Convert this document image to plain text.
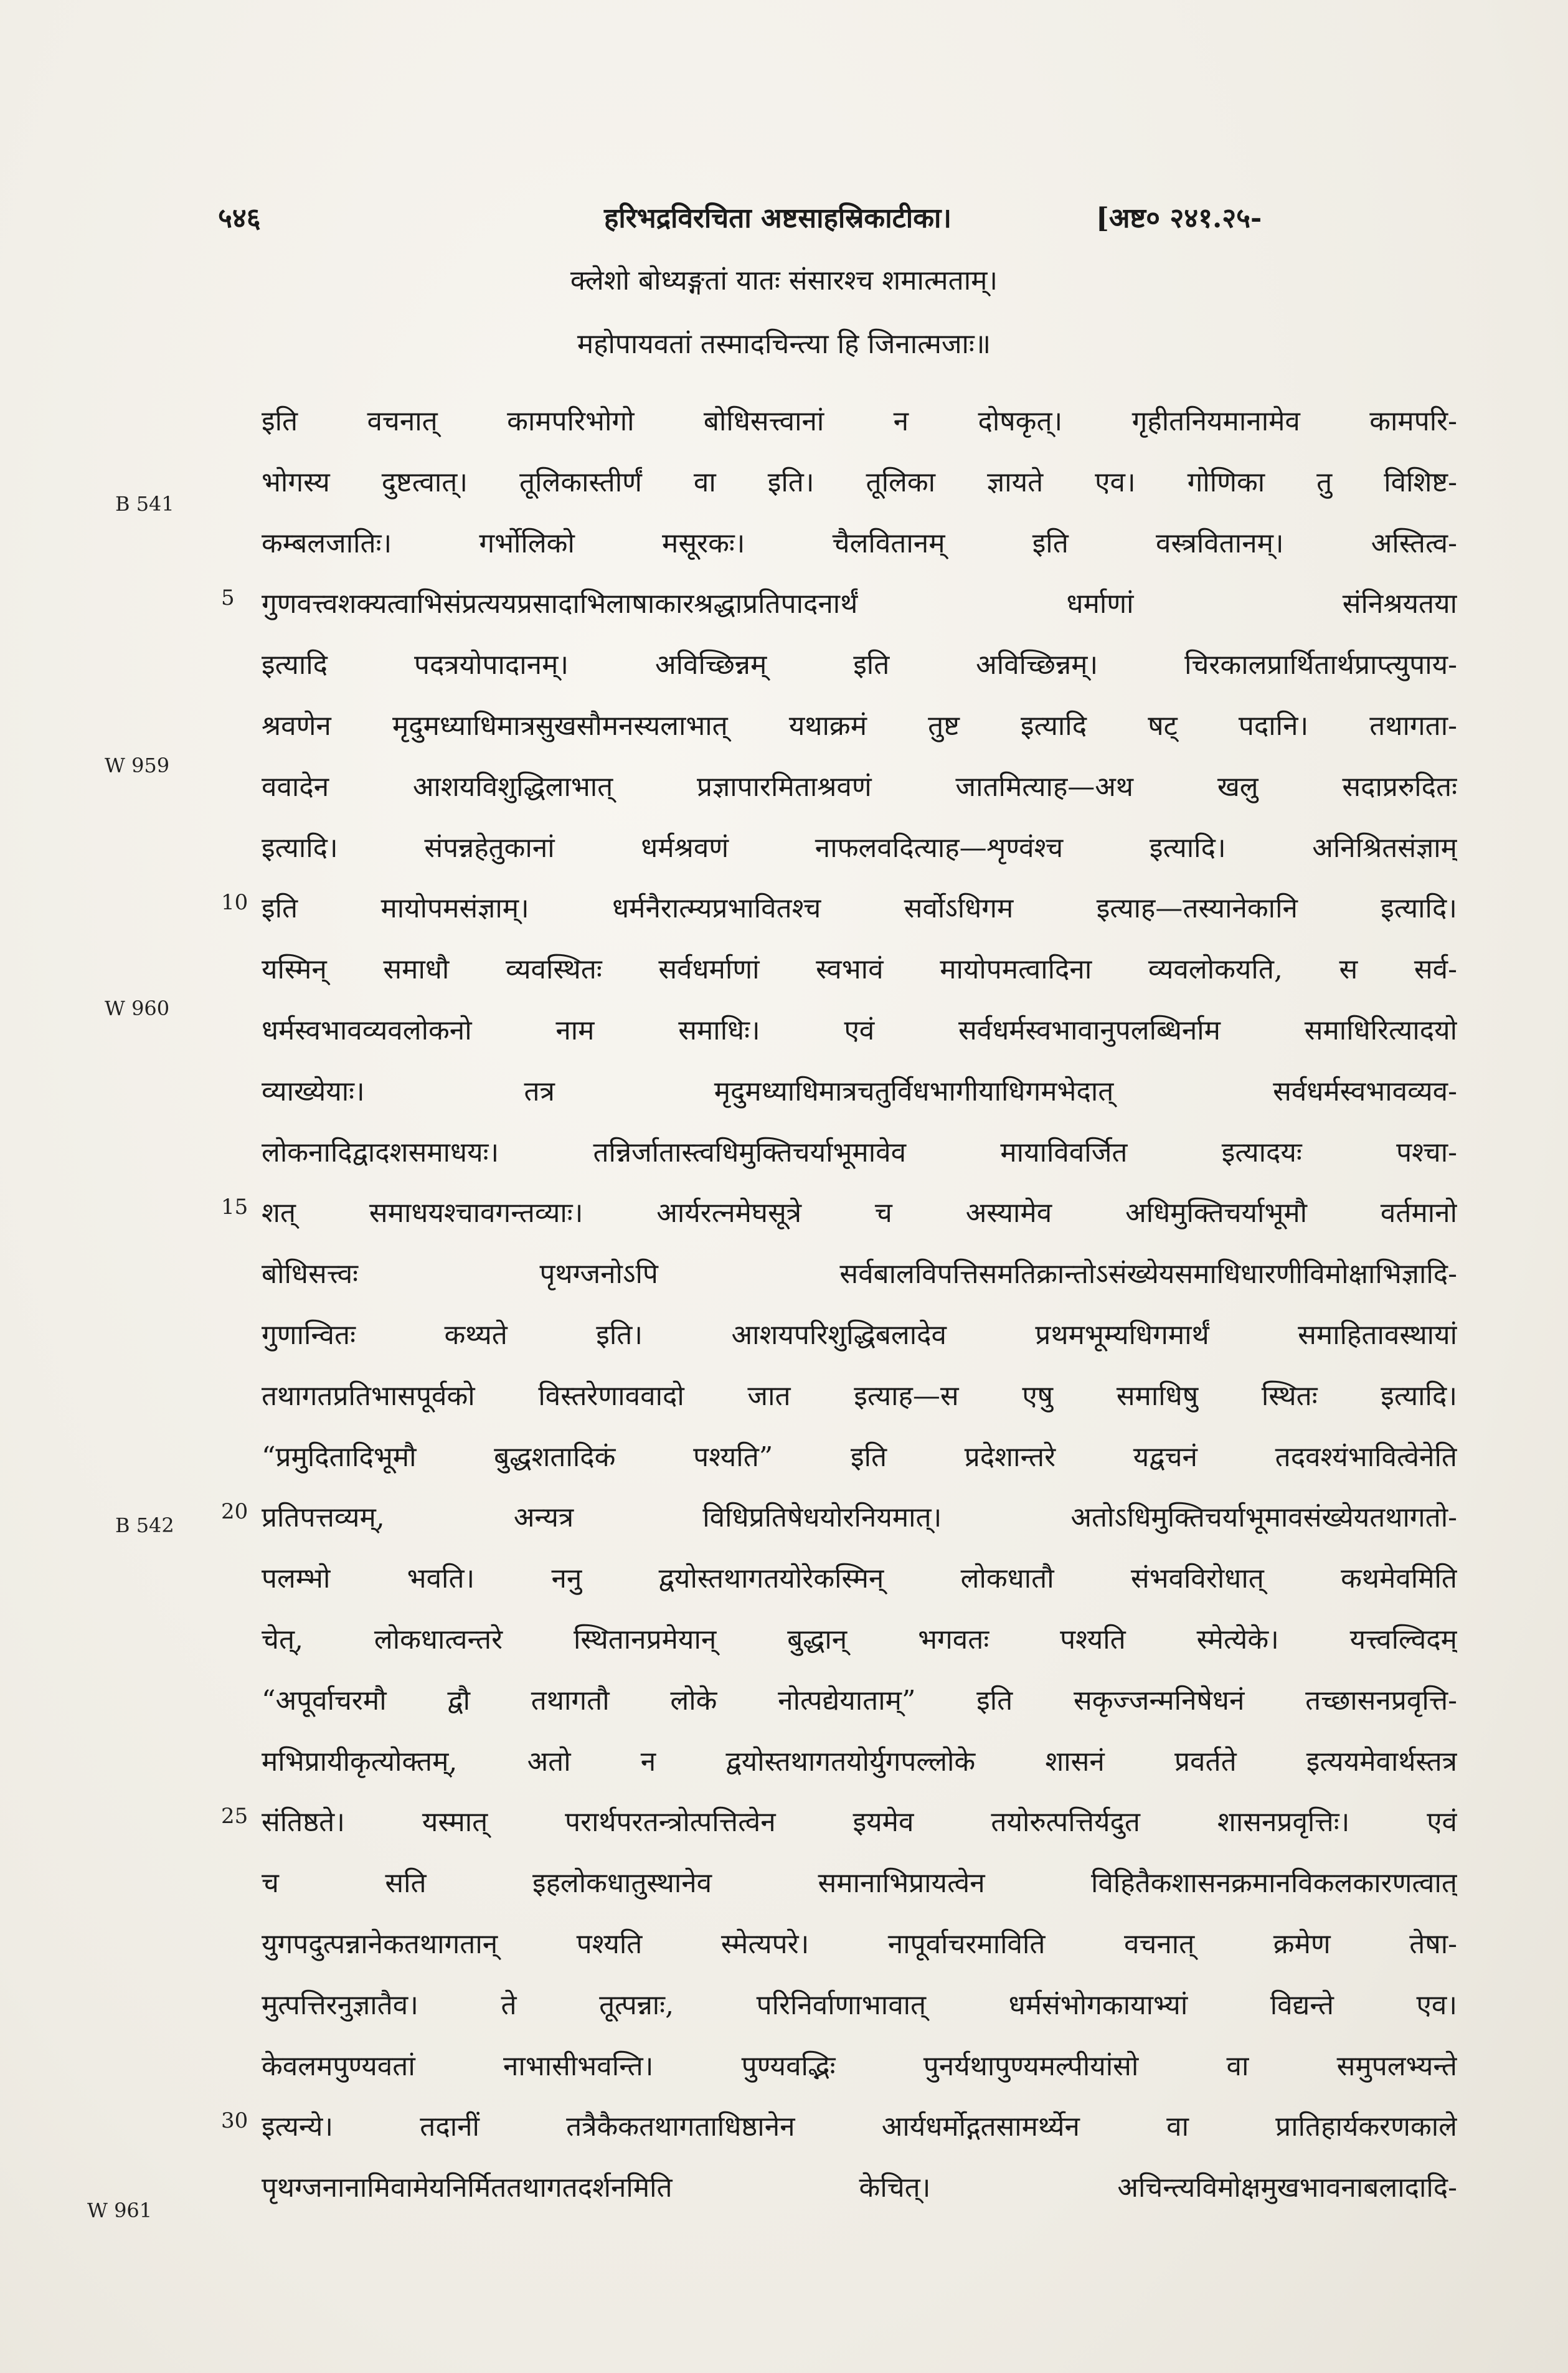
५४६	हरिभद्रविरचिता अष्टसाहस्रिकाटीका।	[अष्ट० २४१.२५-
क्लेशो बोध्यङ्गतां यातः संसारश्च शमात्मताम्।
महोपायवतां तस्मादचिन्त्या हि जिनात्मजाः॥
इति वचनात् कामपरिभोगो बोधिसत्त्वानां न दोषकृत्। गृहीतनियमानामेव कामपरि-
भोगस्य दुष्टत्वात्। तूलिकास्तीर्णं वा इति। तूलिका ज्ञायते एव। गोणिका तु विशिष्ट-
कम्बलजातिः। गर्भोलिको मसूरकः। चैलवितानम् इति वस्त्रवितानम्। अस्तित्व-
गुणवत्त्वशक्यत्वाभिसंप्रत्ययप्रसादाभिलाषाकारश्रद्धाप्रतिपादनार्थं धर्माणां संनिश्रयतया
इत्यादि पदत्रयोपादानम्। अविच्छिन्नम् इति अविच्छिन्नम्। चिरकालप्रार्थितार्थप्राप्त्युपाय-
श्रवणेन मृदुमध्याधिमात्रसुखसौमनस्यलाभात् यथाक्रमं तुष्ट इत्यादि षट् पदानि। तथागता-
ववादेन आशयविशुद्धिलाभात् प्रज्ञापारमिताश्रवणं जातमित्याह—अथ खलु सदाप्ररुदितः
इत्यादि। संपन्नहेतुकानां धर्मश्रवणं नाफलवदित्याह—शृण्वंश्च इत्यादि। अनिश्रितसंज्ञाम्
इति मायोपमसंज्ञाम्। धर्मनैरात्म्यप्रभावितश्च सर्वोऽधिगम इत्याह—तस्यानेकानि इत्यादि।
यस्मिन् समाधौ व्यवस्थितः सर्वधर्माणां स्वभावं मायोपमत्वादिना व्यवलोकयति, स सर्व-
धर्मस्वभावव्यवलोकनो नाम समाधिः। एवं सर्वधर्मस्वभावानुपलब्धिर्नाम समाधिरित्यादयो
व्याख्येयाः। तत्र मृदुमध्याधिमात्रचतुर्विधभागीयाधिगमभेदात् सर्वधर्मस्वभावव्यव-
लोकनादिद्वादशसमाधयः। तन्निर्जातास्त्वधिमुक्तिचर्याभूमावेव मायाविवर्जित इत्यादयः पश्चा-
शत् समाधयश्चावगन्तव्याः। आर्यरत्नमेघसूत्रे च अस्यामेव अधिमुक्तिचर्याभूमौ वर्तमानो
बोधिसत्त्वः पृथग्जनोऽपि सर्वबालविपत्तिसमतिक्रान्तोऽसंख्येयसमाधिधारणीविमोक्षाभिज्ञादि-
गुणान्वितः कथ्यते इति। आशयपरिशुद्धिबलादेव प्रथमभूम्यधिगमार्थं समाहितावस्थायां
तथागतप्रतिभासपूर्वको विस्तरेणाववादो जात इत्याह—स एषु समाधिषु स्थितः इत्यादि।
“प्रमुदितादिभूमौ बुद्धशतादिकं पश्यति” इति प्रदेशान्तरे यद्वचनं तदवश्यंभावित्वेनेति
प्रतिपत्तव्यम्, अन्यत्र विधिप्रतिषेधयोरनियमात्। अतोऽधिमुक्तिचर्याभूमावसंख्येयतथागतो-
पलम्भो भवति। ननु द्वयोस्तथागतयोरेकस्मिन् लोकधातौ संभवविरोधात् कथमेवमिति
चेत्, लोकधात्वन्तरे स्थितानप्रमेयान् बुद्धान् भगवतः पश्यति स्मेत्येके। यत्त्वल्विदम्
“अपूर्वाचरमौ द्वौ तथागतौ लोके नोत्पद्येयाताम्” इति सकृज्जन्मनिषेधनं तच्छासनप्रवृत्ति-
मभिप्रायीकृत्योक्तम्, अतो न द्वयोस्तथागतयोर्युगपल्लोके शासनं प्रवर्तते इत्ययमेवार्थस्तत्र
संतिष्ठते। यस्मात् परार्थपरतन्त्रोत्पत्तित्वेन इयमेव तयोरुत्पत्तिर्यदुत शासनप्रवृत्तिः। एवं
च सति इहलोकधातुस्थानेव समानाभिप्रायत्वेन विहितैकशासनक्रमानविकलकारणत्वात्
युगपदुत्पन्नानेकतथागतान् पश्यति स्मेत्यपरे। नापूर्वाचरमाविति वचनात् क्रमेण तेषा-
मुत्पत्तिरनुज्ञातैव। ते तूत्पन्नाः, परिनिर्वाणाभावात् धर्मसंभोगकायाभ्यां विद्यन्ते एव।
केवलमपुण्यवतां नाभासीभवन्ति। पुण्यवद्भिः पुनर्यथापुण्यमल्पीयांसो वा समुपलभ्यन्ते
इत्यन्ये। तदानीं तत्रैकैकतथागताधिष्ठानेन आर्यधर्मोद्गतसामर्थ्येन वा प्रातिहार्यकरणकाले
पृथग्जनानामिवामेयनिर्मिततथागतदर्शनमिति केचित्। अचिन्त्यविमोक्षमुखभावनाबलादादि-
5
10
15
20
25
30
B 541
W 959
W 960
B 542
W 961
